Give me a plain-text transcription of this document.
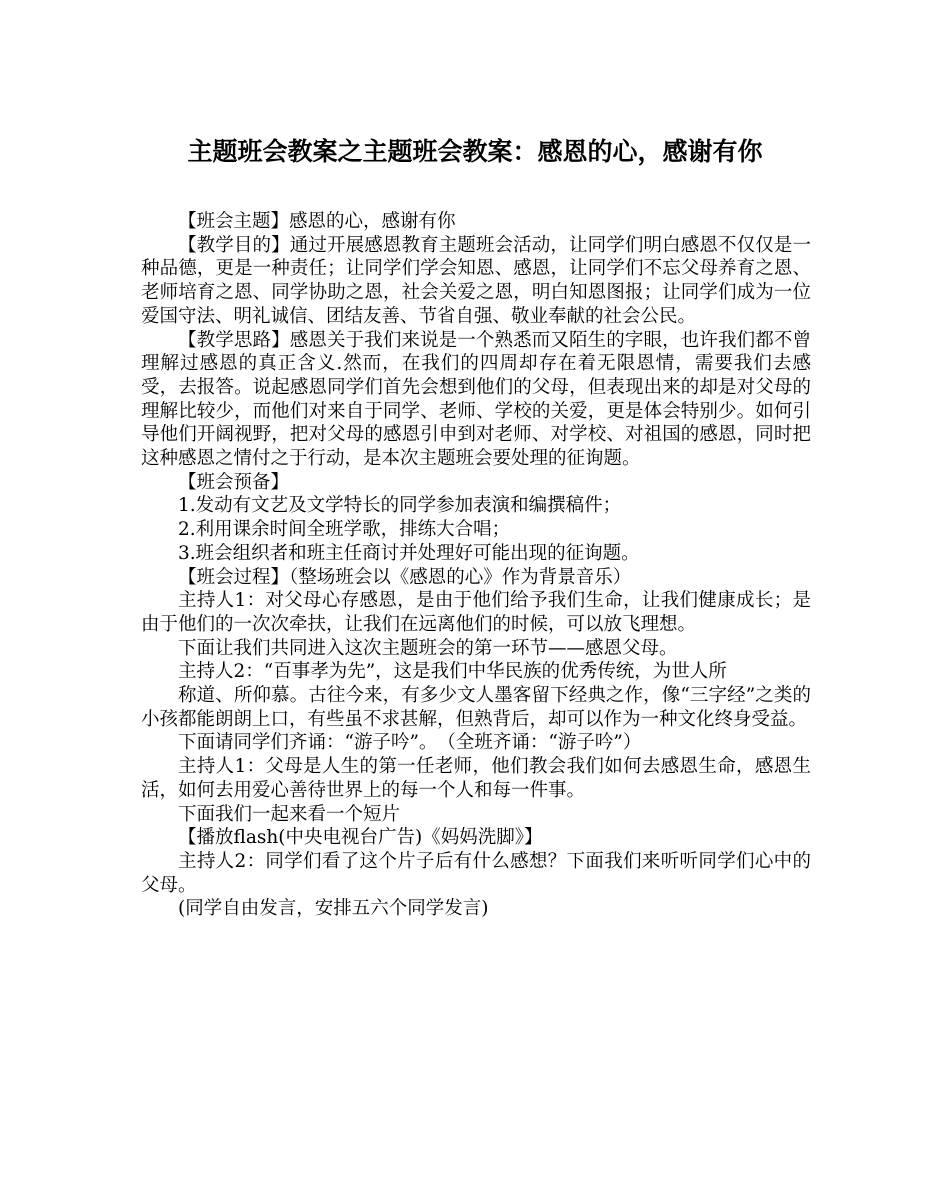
主题班会教案之主题班会教案：感恩的心，感谢有你

【班会主题】感恩的心，感谢有你

【教学目的】通过开展感恩教育主题班会活动，让同学们明白感恩不仅仅是一种品德，更是一种责任；让同学们学会知恩、感恩，让同学们不忘父母养育之恩、老师培育之恩、同学协助之恩，社会关爱之恩，明白知恩图报；让同学们成为一位爱国守法、明礼诚信、团结友善、节省自强、敬业奉献的社会公民。

【教学思路】感恩关于我们来说是一个熟悉而又陌生的字眼，也许我们都不曾理解过感恩的真正含义.然而，在我们的四周却存在着无限恩情，需要我们去感受，去报答。说起感恩同学们首先会想到他们的父母，但表现出来的却是对父母的理解比较少，而他们对来自于同学、老师、学校的关爱，更是体会特别少。如何引导他们开阔视野，把对父母的感恩引申到对老师、对学校、对祖国的感恩，同时把这种感恩之情付之于行动，是本次主题班会要处理的征询题。

【班会预备】

1.发动有文艺及文学特长的同学参加表演和编撰稿件；

2.利用课余时间全班学歌，排练大合唱；

3.班会组织者和班主任商讨并处理好可能出现的征询题。

【班会过程】（整场班会以《感恩的心》作为背景音乐）

主持人1：对父母心存感恩，是由于他们给予我们生命，让我们健康成长；是由于他们的一次次牵扶，让我们在远离他们的时候，可以放飞理想。

下面让我们共同进入这次主题班会的第一环节——感恩父母。

主持人2：“百事孝为先”，这是我们中华民族的优秀传统，为世人所

称道、所仰慕。古往今来，有多少文人墨客留下经典之作，像“三字经”之类的小孩都能朗朗上口，有些虽不求甚解，但熟背后，却可以作为一种文化终身受益。

下面请同学们齐诵：“游子吟”。　（全班齐诵：“游子吟”）

主持人1：父母是人生的第一任老师，他们教会我们如何去感恩生命，感恩生活，如何去用爱心善待世界上的每一个人和每一件事。

下面我们一起来看一个短片

【播放flash(中央电视台广告)《妈妈洗脚》】

主持人2：同学们看了这个片子后有什么感想？下面我们来听听同学们心中的父母。

(同学自由发言，安排五六个同学发言)
